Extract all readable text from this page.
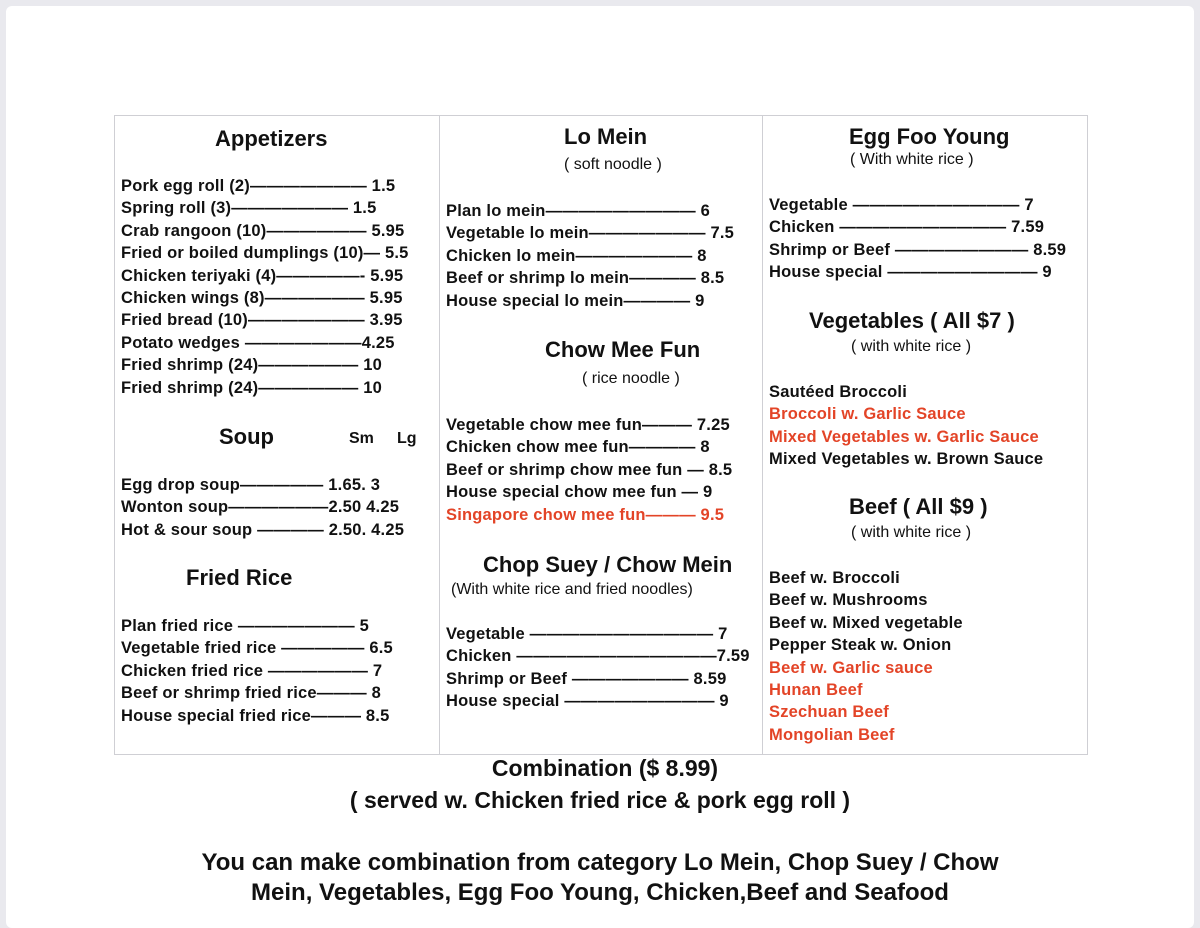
Appetizers
Pork egg roll (2)——————— 1.5
Spring roll (3)——————— 1.5
Crab rangoon (10)—————— 5.95
Fried or boiled dumplings (10)— 5.5
Chicken teriyaki (4)—————- 5.95
Chicken wings (8)—————— 5.95
Fried bread (10)——————— 3.95
Potato wedges ———————4.25
Fried shrimp (24)—————— 10
Fried shrimp (24)—————— 10
Soup	Sm Lg
Egg drop soup————— 1.65. 3
Wonton soup——————2.50 4.25
Hot & sour soup ———— 2.50. 4.25
Fried Rice
Plan fried rice ——————— 5
Vegetable fried rice ————— 6.5
Chicken fried rice —————— 7
Beef or shrimp fried rice——— 8
House special fried rice——— 8.5
Lo Mein
( soft noodle )
Plan lo mein————————— 6
Vegetable lo mein——————— 7.5
Chicken lo mein——————— 8
Beef or shrimp lo mein———— 8.5
House special lo mein———— 9
Chow Mee Fun
( rice noodle )
Vegetable chow mee fun——— 7.25
Chicken chow mee fun———— 8
Beef or shrimp chow mee fun — 8.5
House special chow mee fun — 9
Singapore chow mee fun——— 9.5
Chop Suey / Chow Mein
(With white rice and fried noodles)
Vegetable ——————————— 7
Chicken ————————————7.59
Shrimp or Beef ——————— 8.59
House special ————————— 9
Egg Foo Young
( With white rice )
Vegetable —————————— 7
Chicken —————————— 7.59
Shrimp or Beef ———————— 8.59
House special ————————— 9
Vegetables ( All $7 )
( with white rice )
Sautéed Broccoli
Broccoli w. Garlic Sauce
Mixed Vegetables w. Garlic Sauce
Mixed Vegetables w. Brown Sauce
Beef ( All $9 )
( with white rice )
Beef w. Broccoli
Beef w. Mushrooms
Beef w. Mixed vegetable
Pepper Steak w. Onion
Beef w. Garlic sauce
Hunan Beef
Szechuan Beef
Mongolian Beef
Combination ($ 8.99)
( served w. Chicken fried rice & pork egg roll )
You can make combination from category Lo Mein, Chop Suey / Chow
Mein, Vegetables, Egg Foo Young, Chicken,Beef and Seafood
